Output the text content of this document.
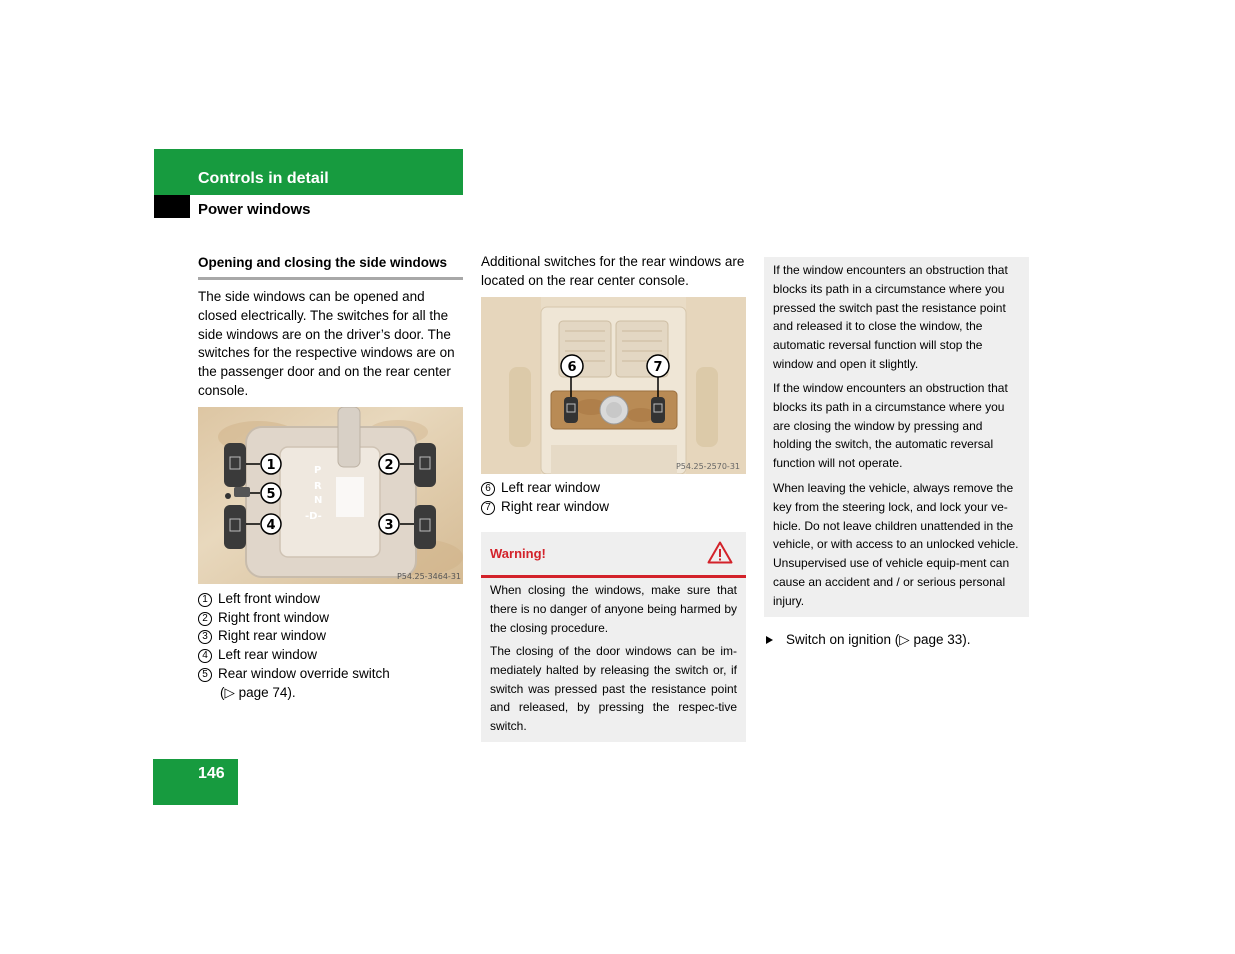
Controls in detail
Power windows
Opening and closing the side windows
The side windows can be opened and closed electrically. The switches for all the side windows are on the driver’s door. The switches for the respective windows are on the passenger door and on the rear center console.
P
R
N
-D-
1
5
4
2
3
P54.25-3464-31
1 Left front window
2 Right front window
3 Right rear window
4 Left rear window
5 Rear window override switch
(▷ page 74).
Additional switches for the rear windows are located on the rear center console.
6	7
P54.25-2570-31
6 Left rear window
7 Right rear window
Warning!
When closing the windows, make sure that there is no danger of anyone being harmed by the closing procedure.
The closing of the door windows can be im-mediately halted by releasing the switch or, if switch was pressed past the resistance point and released, by pressing the respec-tive switch.
146
If the window encounters an obstruction that blocks its path in a circumstance where you pressed the switch past the resistance point and released it to close the window, the automatic reversal function will stop the window and open it slightly.
If the window encounters an obstruction that blocks its path in a circumstance where you are closing the window by pressing and holding the switch, the automatic reversal function will not operate.
When leaving the vehicle, always remove the key from the steering lock, and lock your ve-hicle. Do not leave children unattended in the vehicle, or with access to an unlocked vehicle. Unsupervised use of vehicle equip-ment can cause an accident and / or serious personal injury.
Switch on ignition (▷ page 33).
